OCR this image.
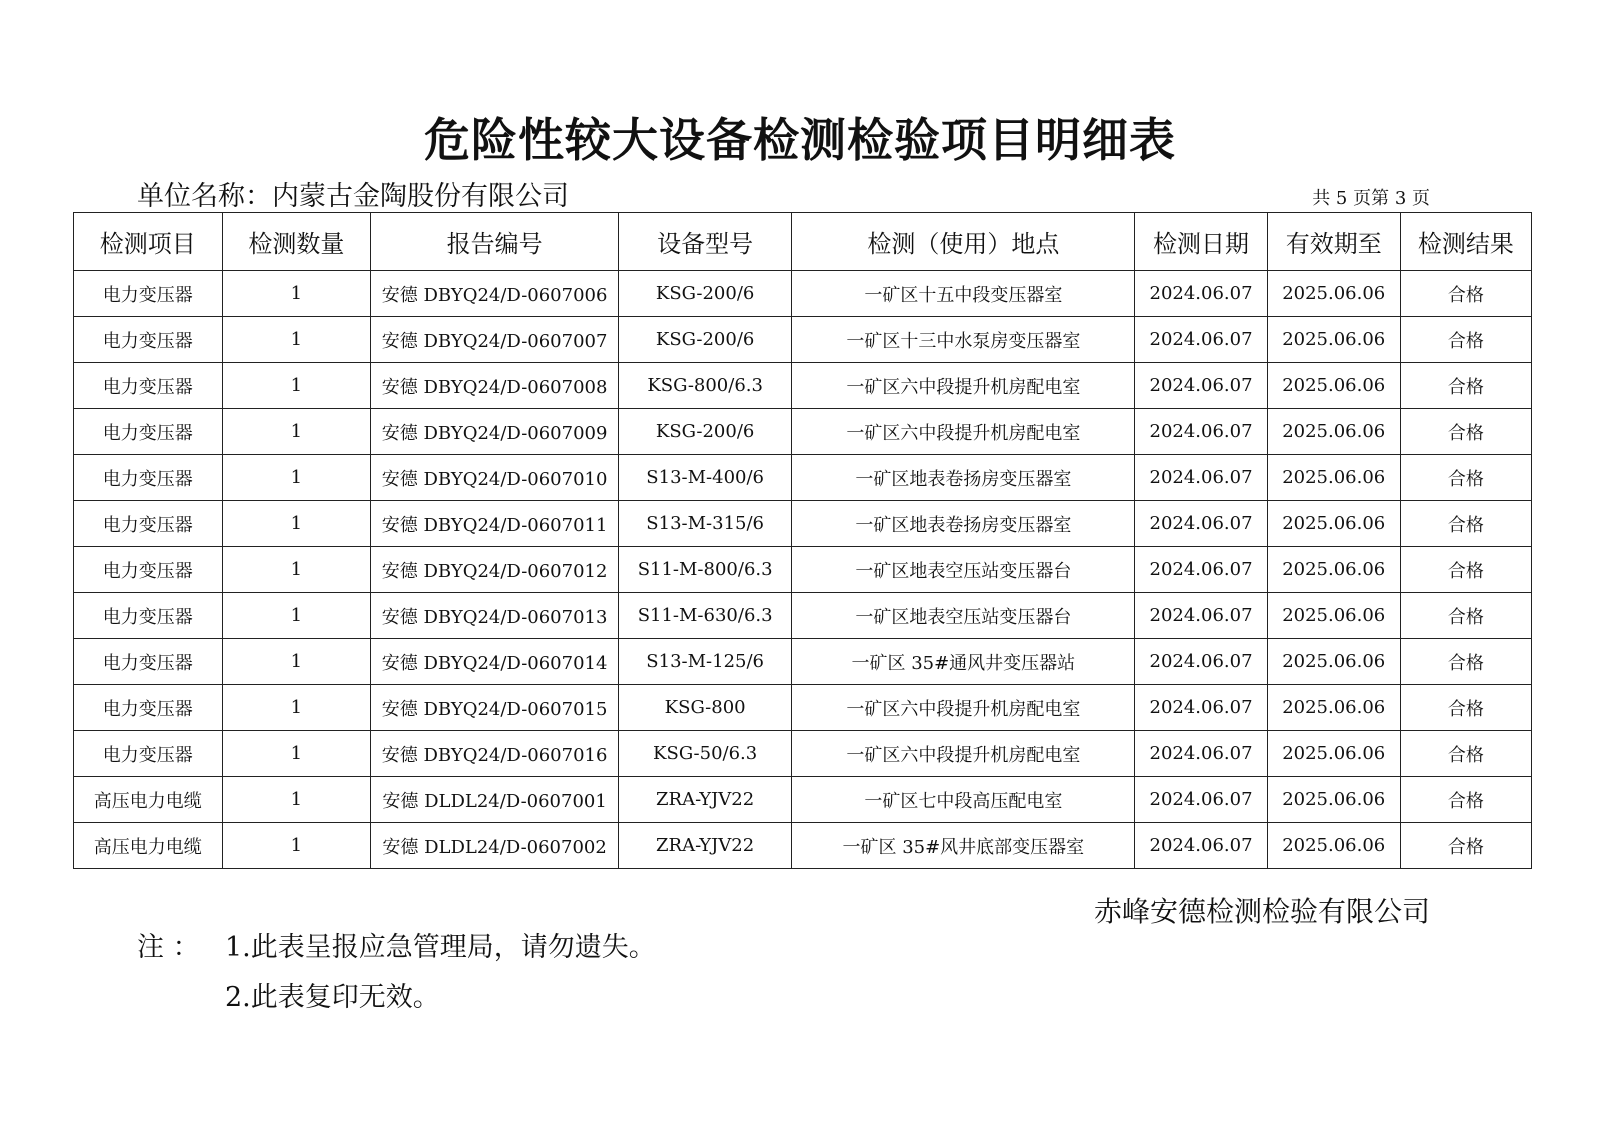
危险性较大设备检测检验项目明细表
单位名称：内蒙古金陶股份有限公司	共 5 页第 3 页
检测项目	检测数量	报告编号	设备型号	检测（使用）地点	检测日期	有效期至	检测结果
电力变压器	1	安德 DBYQ24/D-0607006	KSG-200/6	一矿区十五中段变压器室	2024.06.07	2025.06.06	合格
电力变压器	1	安德 DBYQ24/D-0607007	KSG-200/6	一矿区十三中水泵房变压器室	2024.06.07	2025.06.06	合格
电力变压器	1	安德 DBYQ24/D-0607008	KSG-800/6.3	一矿区六中段提升机房配电室	2024.06.07	2025.06.06	合格
电力变压器	1	安德 DBYQ24/D-0607009	KSG-200/6	一矿区六中段提升机房配电室	2024.06.07	2025.06.06	合格
电力变压器	1	安德 DBYQ24/D-0607010	S13-M-400/6	一矿区地表卷扬房变压器室	2024.06.07	2025.06.06	合格
电力变压器	1	安德 DBYQ24/D-0607011	S13-M-315/6	一矿区地表卷扬房变压器室	2024.06.07	2025.06.06	合格
电力变压器	1	安德 DBYQ24/D-0607012	S11-M-800/6.3	一矿区地表空压站变压器台	2024.06.07	2025.06.06	合格
电力变压器	1	安德 DBYQ24/D-0607013	S11-M-630/6.3	一矿区地表空压站变压器台	2024.06.07	2025.06.06	合格
电力变压器	1	安德 DBYQ24/D-0607014	S13-M-125/6	一矿区 35#通风井变压器站	2024.06.07	2025.06.06	合格
电力变压器	1	安德 DBYQ24/D-0607015	KSG-800	一矿区六中段提升机房配电室	2024.06.07	2025.06.06	合格
电力变压器	1	安德 DBYQ24/D-0607016	KSG-50/6.3	一矿区六中段提升机房配电室	2024.06.07	2025.06.06	合格
高压电力电缆	1	安德 DLDL24/D-0607001	ZRA-YJV22	一矿区七中段高压配电室	2024.06.07	2025.06.06	合格
高压电力电缆	1	安德 DLDL24/D-0607002	ZRA-YJV22	一矿区 35#风井底部变压器室	2024.06.07	2025.06.06	合格
赤峰安德检测检验有限公司
注 ： 1.此表呈报应急管理局，请勿遗失。
2.此表复印无效。
